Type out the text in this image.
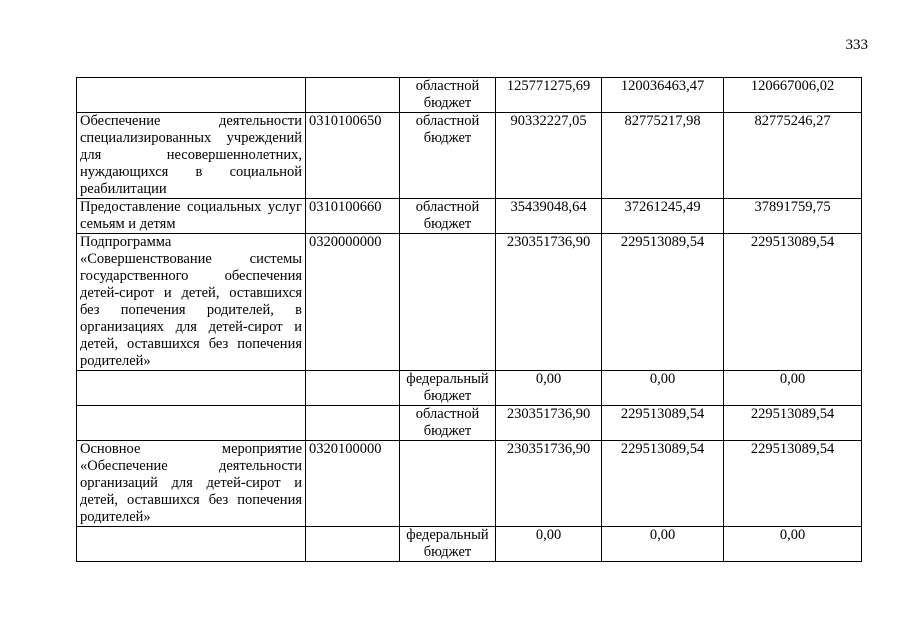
333
		областной бюджет	125771275,69	120036463,47	120667006,02
Обеспечение деятельности специализированных учреждений для несовершеннолетних, нуждающихся в социальной реабилитации	0310100650	областной бюджет	90332227,05	82775217,98	82775246,27
Предоставление социальных услуг семьям и детям	0310100660	областной бюджет	35439048,64	37261245,49	37891759,75
Подпрограмма «Совершенствование системы государственного обеспечения детей-сирот и детей, оставшихся без попечения родителей, в организациях для детей-сирот и детей, оставшихся без попечения родителей»	0320000000		230351736,90	229513089,54	229513089,54
		федеральный бюджет	0,00	0,00	0,00
		областной бюджет	230351736,90	229513089,54	229513089,54
Основное мероприятие «Обеспечение деятельности организаций для детей-сирот и детей, оставшихся без попечения родителей»	0320100000		230351736,90	229513089,54	229513089,54
		федеральный бюджет	0,00	0,00	0,00
